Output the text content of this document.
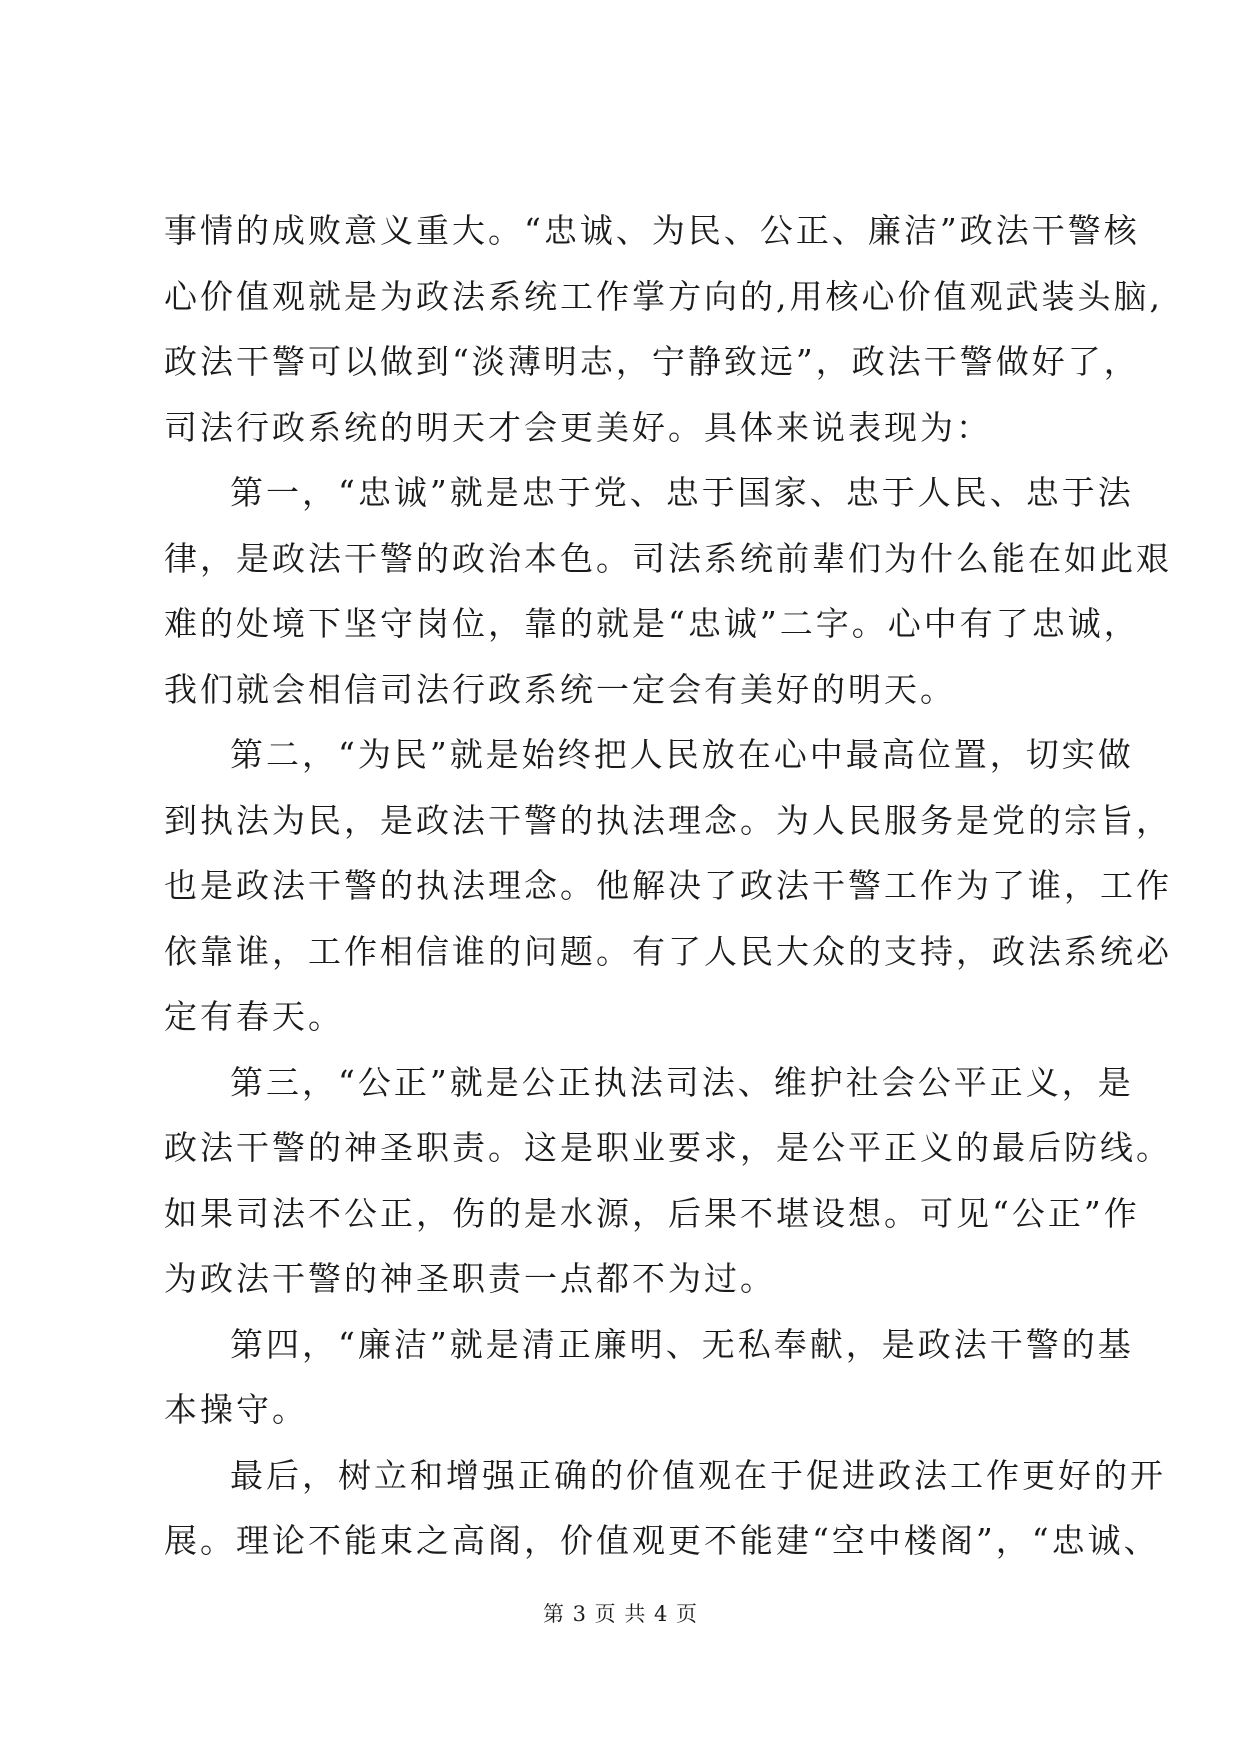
事情的成败意义重大。“忠诚、为民、公正、廉洁”政法干警核
心价值观就是为政法系统工作掌方向的,用核心价值观武装头脑,
政法干警可以做到“淡薄明志，宁静致远”，政法干警做好了，
司法行政系统的明天才会更美好。具体来说表现为：
第一，“忠诚”就是忠于党、忠于国家、忠于人民、忠于法
律，是政法干警的政治本色。司法系统前辈们为什么能在如此艰
难的处境下坚守岗位，靠的就是“忠诚”二字。心中有了忠诚，
我们就会相信司法行政系统一定会有美好的明天。
第二，“为民”就是始终把人民放在心中最高位置，切实做
到执法为民，是政法干警的执法理念。为人民服务是党的宗旨，
也是政法干警的执法理念。他解决了政法干警工作为了谁，工作
依靠谁，工作相信谁的问题。有了人民大众的支持，政法系统必
定有春天。
第三，“公正”就是公正执法司法、维护社会公平正义，是
政法干警的神圣职责。这是职业要求，是公平正义的最后防线。
如果司法不公正，伤的是水源，后果不堪设想。可见“公正”作
为政法干警的神圣职责一点都不为过。
第四，“廉洁”就是清正廉明、无私奉献，是政法干警的基
本操守。
最后，树立和增强正确的价值观在于促进政法工作更好的开
展。理论不能束之高阁，价值观更不能建“空中楼阁”，“忠诚、
第 3 页 共 4 页
